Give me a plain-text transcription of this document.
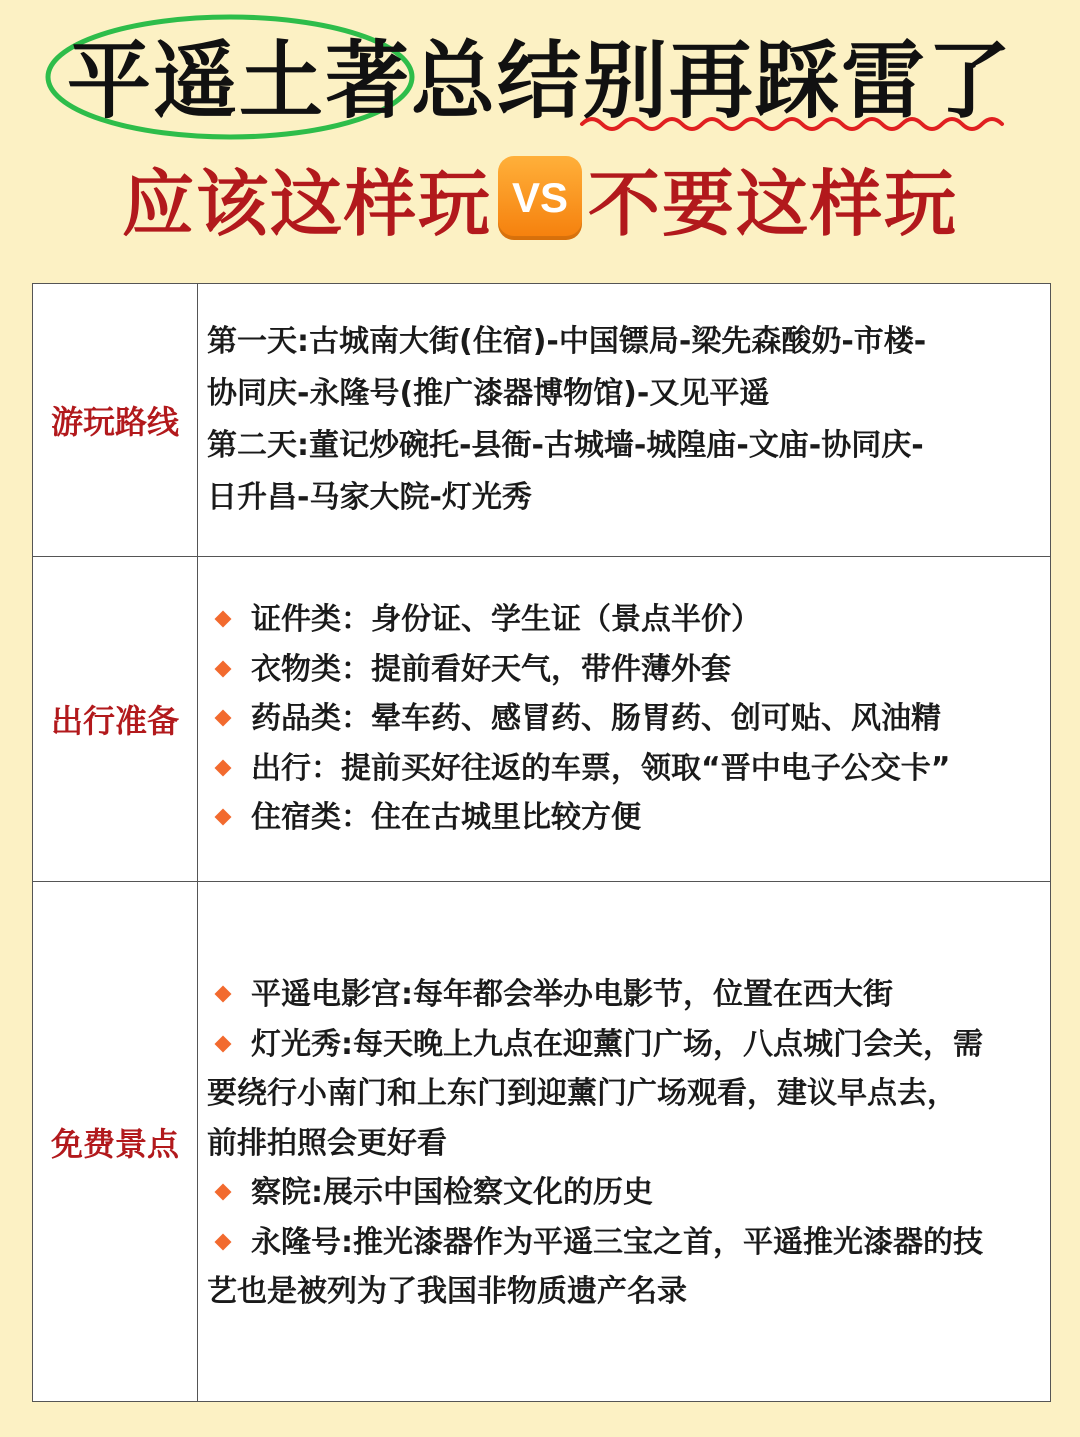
平遥土著总结别再踩雷了
应该这样玩 VS 不要这样玩
游玩路线
第一天:古城南大街(住宿)-中国镖局-梁先森酸奶-市楼-
协同庆-永隆号(推广漆器博物馆)-又见平遥
第二天:董记炒碗托-县衙-古城墙-城隍庙-文庙-协同庆-
日升昌-马家大院-灯光秀
出行准备
证件类：身份证、学生证（景点半价）
衣物类：提前看好天气，带件薄外套
药品类：晕车药、感冒药、肠胃药、创可贴、风油精
出行：提前买好往返的车票，领取“晋中电子公交卡”
住宿类：住在古城里比较方便
免费景点
平遥电影宫:每年都会举办电影节，位置在西大街
灯光秀:每天晚上九点在迎薰门广场，八点城门会关，需
要绕行小南门和上东门到迎薰门广场观看，建议早点去，
前排拍照会更好看
察院:展示中国检察文化的历史
永隆号:推光漆器作为平遥三宝之首，平遥推光漆器的技
艺也是被列为了我国非物质遗产名录
